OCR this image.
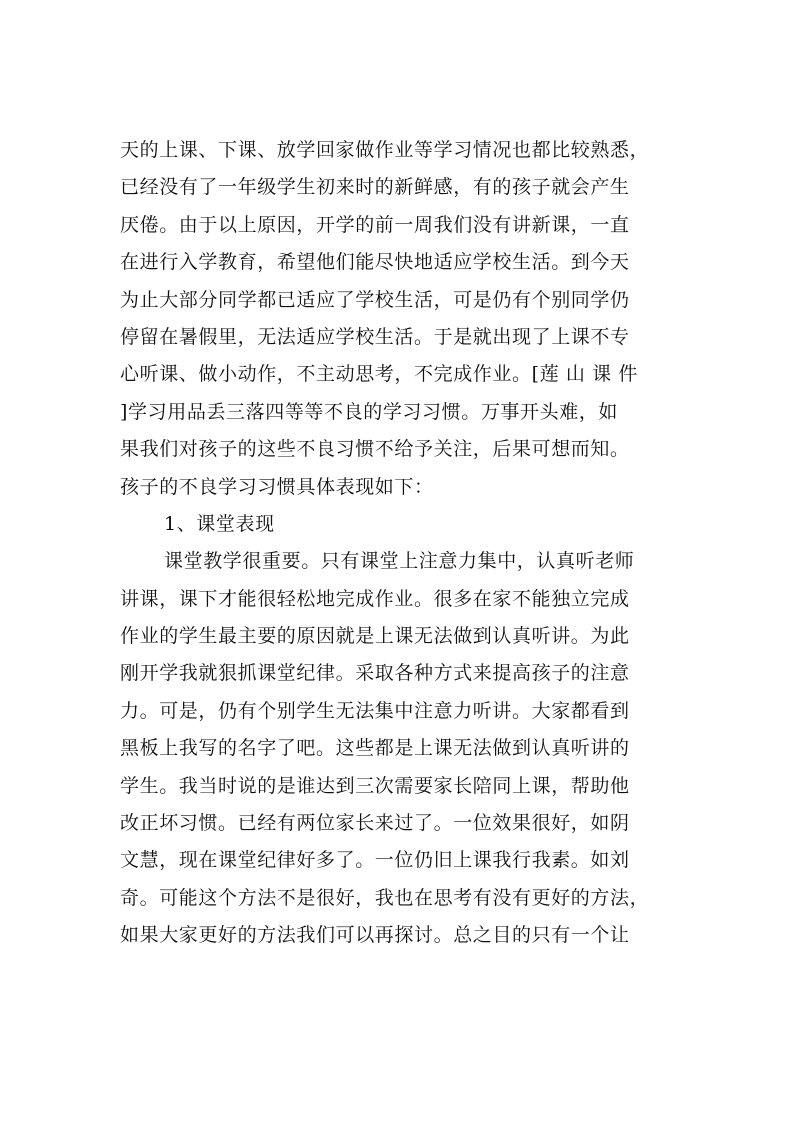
天的上课、下课、放学回家做作业等学习情况也都比较熟悉，
已经没有了一年级学生初来时的新鲜感，有的孩子就会产生
厌倦。由于以上原因，开学的前一周我们没有讲新课，一直
在进行入学教育，希望他们能尽快地适应学校生活。到今天
为止大部分同学都已适应了学校生活，可是仍有个别同学仍
停留在暑假里，无法适应学校生活。于是就出现了上课不专
心听课、做小动作，不主动思考，不完成作业。[莲 山 课 件
]学习用品丢三落四等等不良的学习习惯。万事开头难，如
果我们对孩子的这些不良习惯不给予关注，后果可想而知。
孩子的不良学习习惯具体表现如下：
1、课堂表现
课堂教学很重要。只有课堂上注意力集中，认真听老师
讲课，课下才能很轻松地完成作业。很多在家不能独立完成
作业的学生最主要的原因就是上课无法做到认真听讲。为此
刚开学我就狠抓课堂纪律。采取各种方式来提高孩子的注意
力。可是，仍有个别学生无法集中注意力听讲。大家都看到
黑板上我写的名字了吧。这些都是上课无法做到认真听讲的
学生。我当时说的是谁达到三次需要家长陪同上课，帮助他
改正坏习惯。已经有两位家长来过了。一位效果很好，如阴
文慧，现在课堂纪律好多了。一位仍旧上课我行我素。如刘
奇。可能这个方法不是很好，我也在思考有没有更好的方法，
如果大家更好的方法我们可以再探讨。总之目的只有一个让
